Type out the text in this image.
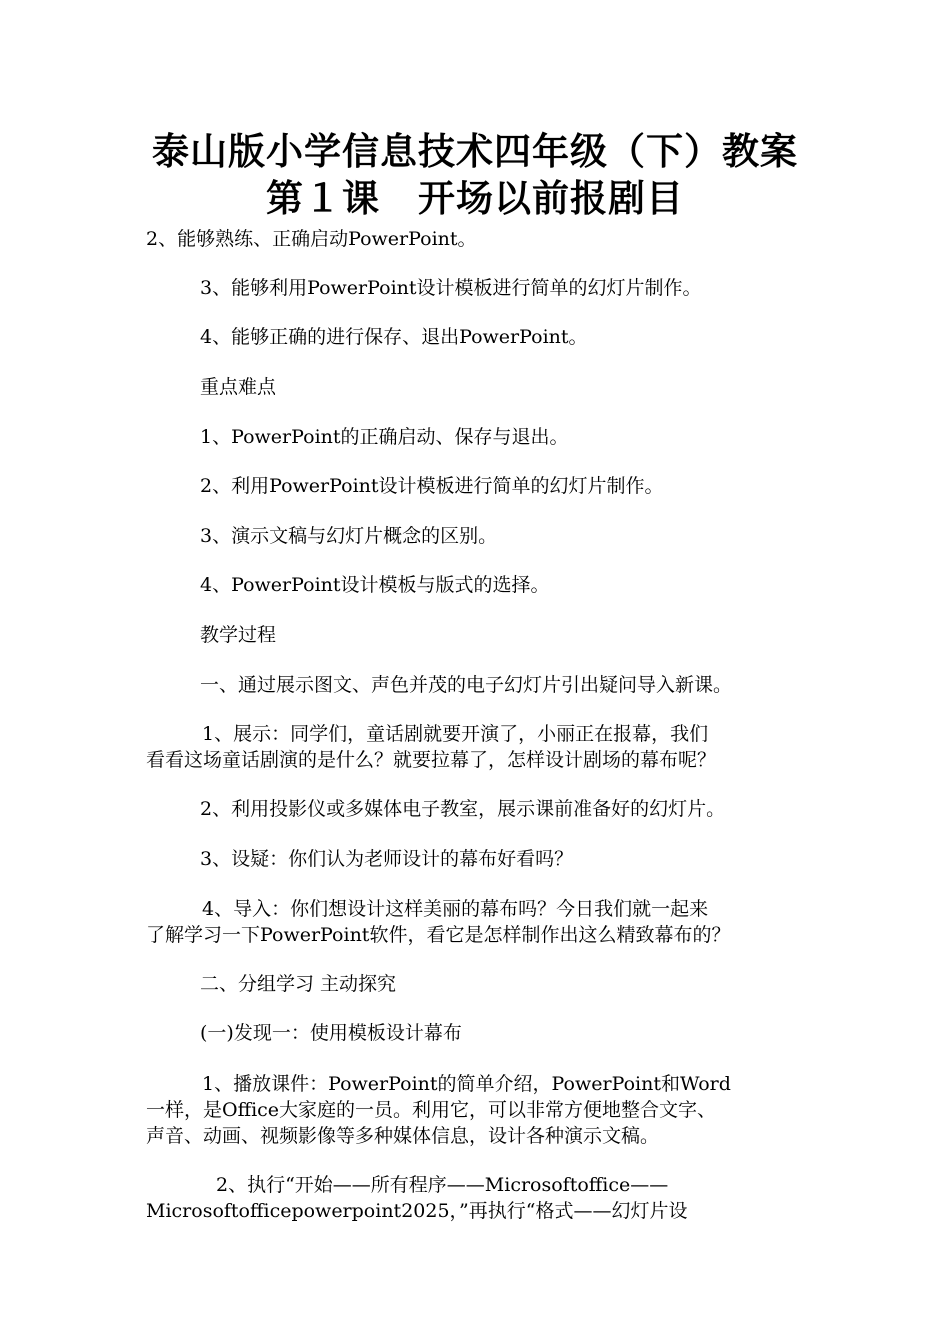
泰山版小学信息技术四年级（下）教案
第１课　开场以前报剧目
2、能够熟练、正确启动PowerPoint。
3、能够利用PowerPoint设计模板进行简单的幻灯片制作。
4、能够正确的进行保存、退出PowerPoint。
重点难点
1、PowerPoint的正确启动、保存与退出。
2、利用PowerPoint设计模板进行简单的幻灯片制作。
3、演示文稿与幻灯片概念的区别。
4、PowerPoint设计模板与版式的选择。
教学过程
一、通过展示图文、声色并茂的电子幻灯片引出疑问导入新课。
1、展示：同学们，童话剧就要开演了，小丽正在报幕，我们
看看这场童话剧演的是什么？就要拉幕了，怎样设计剧场的幕布呢？
2、利用投影仪或多媒体电子教室，展示课前准备好的幻灯片。
3、设疑：你们认为老师设计的幕布好看吗？
4、导入：你们想设计这样美丽的幕布吗？今日我们就一起来
了解学习一下PowerPoint软件，看它是怎样制作出这么精致幕布的？
二、分组学习 主动探究
(一)发现一：使用模板设计幕布
1、播放课件：PowerPoint的简单介绍，PowerPoint和Word
一样，是Office大家庭的一员。利用它，可以非常方便地整合文字、
声音、动画、视频影像等多种媒体信息，设计各种演示文稿。
2、执行“开始——所有程序——Microsoftoffice——
Microsoftofficepowerpoint2025，”再执行“格式——幻灯片设
